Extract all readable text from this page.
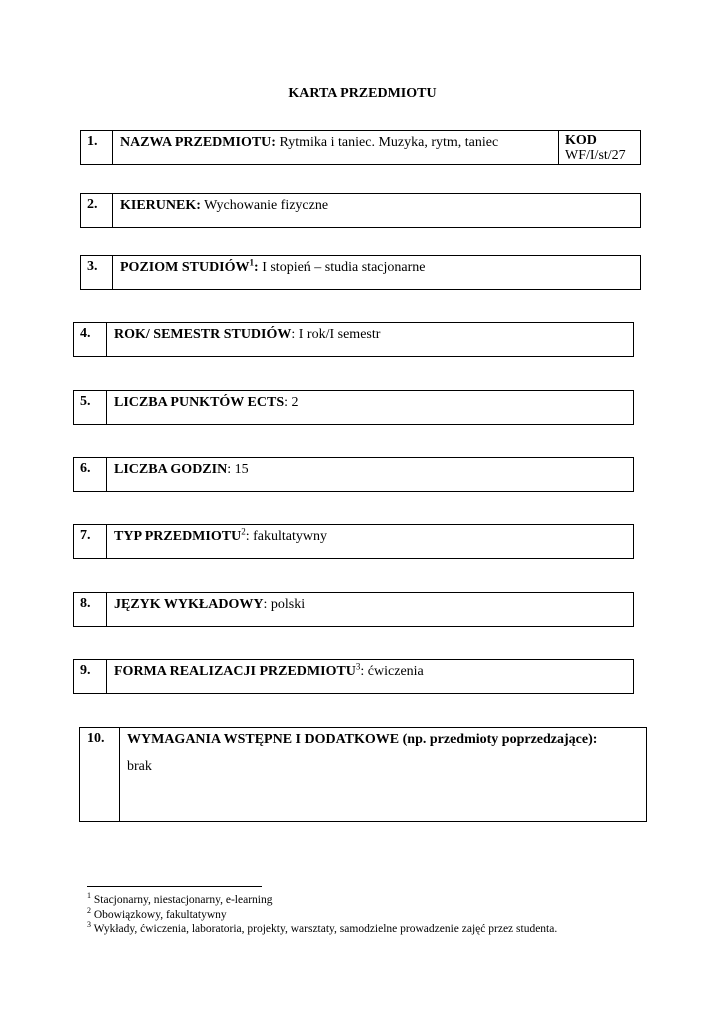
KARTA PRZEDMIOTU
1.	NAZWA PRZEDMIOTU: Rytmika i taniec. Muzyka, rytm, taniec	KOD
WF/I/st/27
2.	KIERUNEK: Wychowanie fizyczne
3.	POZIOM STUDIÓW$^1$: I stopień – studia stacjonarne
4.	ROK/ SEMESTR STUDIÓW: I rok/I semestr
5.	LICZBA PUNKTÓW ECTS: 2
6.	LICZBA GODZIN: 15
7.	TYP PRZEDMIOTU$^2$: fakultatywny
8.	JĘZYK WYKŁADOWY: polski
9.	FORMA REALIZACJI PRZEDMIOTU$^3$: ćwiczenia
10.	WYMAGANIA WSTĘPNE I DODATKOWE (np. przedmioty poprzedzające):
brak
$^1$ Stacjonarny, niestacjonarny, e-learning
$^2$ Obowiązkowy, fakultatywny
$^3$ Wykłady, ćwiczenia, laboratoria, projekty, warsztaty, samodzielne prowadzenie zajęć przez studenta.
